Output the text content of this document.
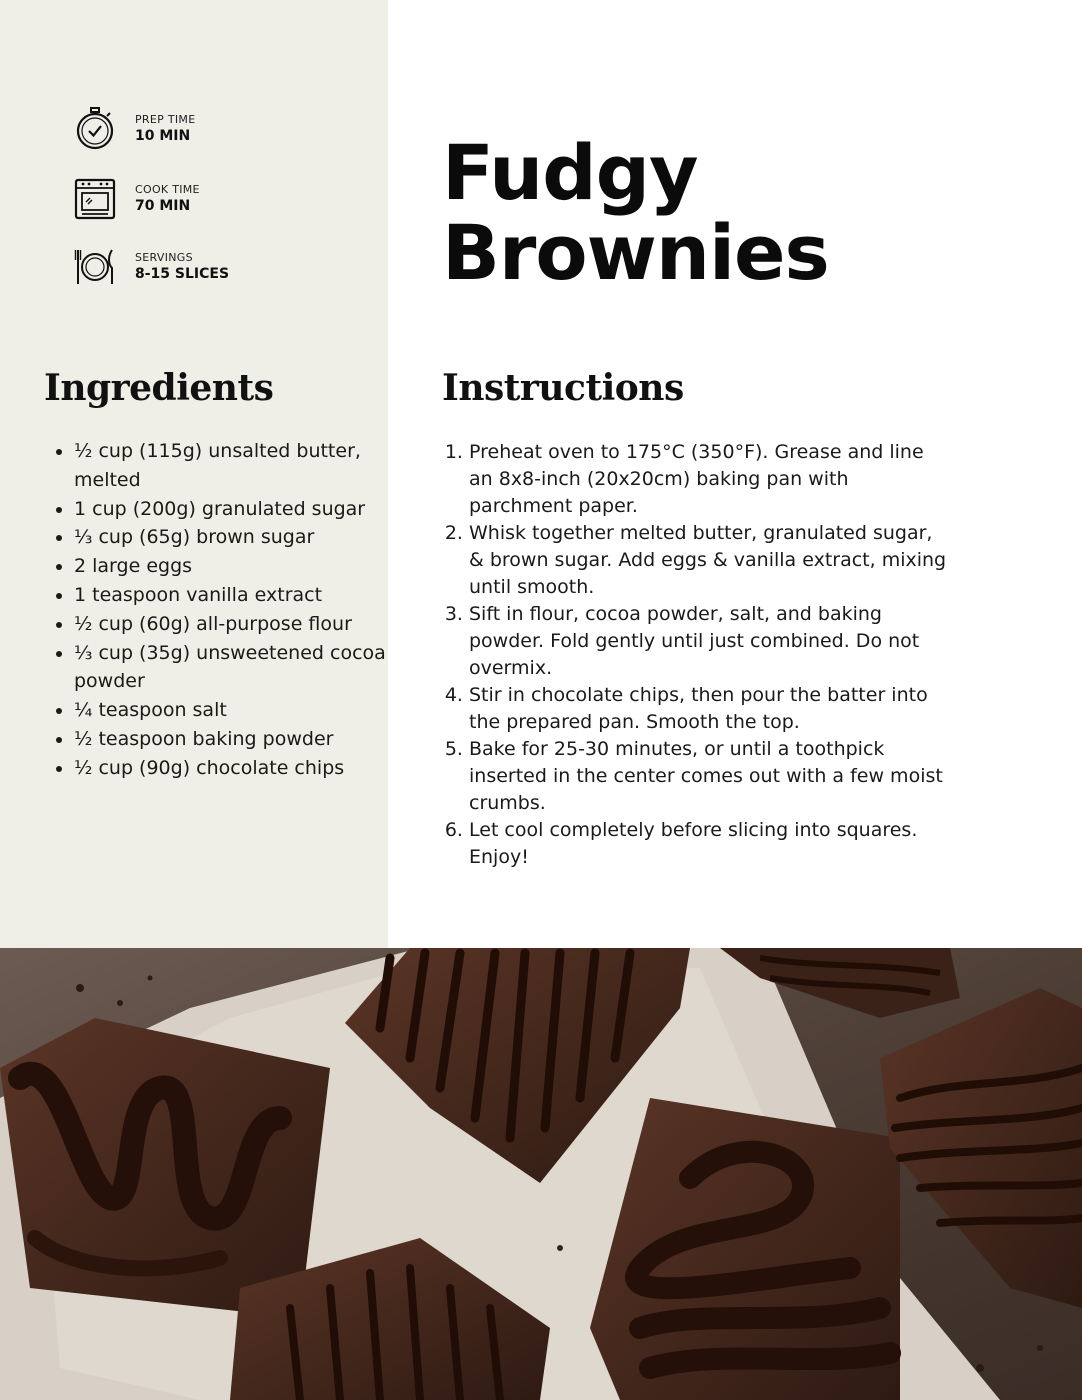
PREP TIME
10 MIN
COOK TIME
70 MIN
SERVINGS
8-15 SLICES
Fudgy
Brownies
Ingredients
• ½ cup (115g) unsalted butter, melted
• 1 cup (200g) granulated sugar
• ⅓ cup (65g) brown sugar
• 2 large eggs
• 1 teaspoon vanilla extract
• ½ cup (60g) all-purpose flour
• ⅓ cup (35g) unsweetened cocoa powder
• ¼ teaspoon salt
• ½ teaspoon baking powder
• ½ cup (90g) chocolate chips
Instructions
1. Preheat oven to 175°C (350°F). Grease and line an 8x8-inch (20x20cm) baking pan with parchment paper.
2. Whisk together melted butter, granulated sugar, & brown sugar. Add eggs & vanilla extract, mixing until smooth.
3. Sift in flour, cocoa powder, salt, and baking powder. Fold gently until just combined. Do not overmix.
4. Stir in chocolate chips, then pour the batter into the prepared pan. Smooth the top.
5. Bake for 25-30 minutes, or until a toothpick inserted in the center comes out with a few moist crumbs.
6. Let cool completely before slicing into squares. Enjoy!
